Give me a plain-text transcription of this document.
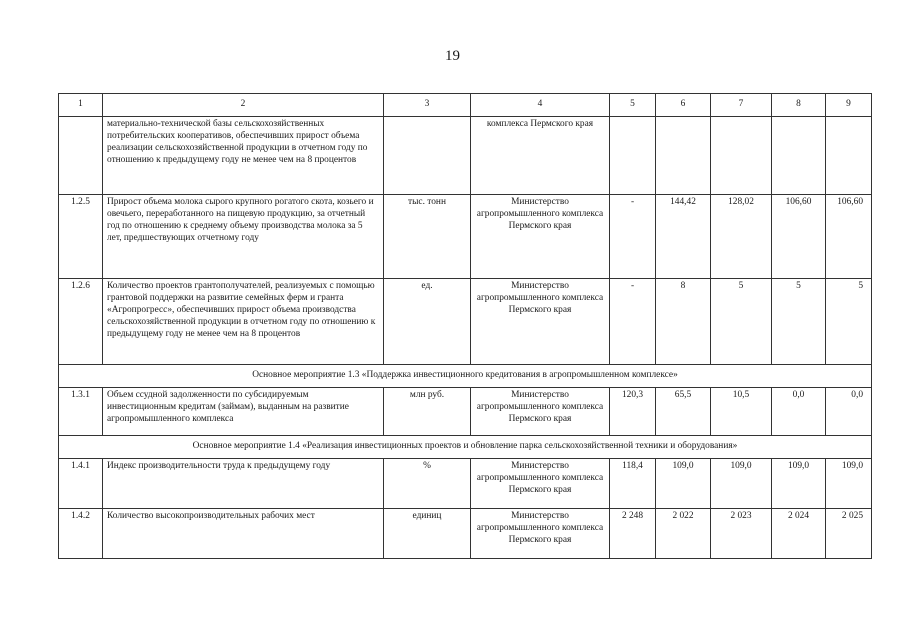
19
1	2	3	4	5	6	7	8	9
	материально-технической базы сельскохозяйственных потребительских кооперативов, обеспечивших прирост объема реализации сельскохозяйственной продукции в отчетном году по отношению к предыдущему году не менее чем на 8 процентов		комплекса Пермского края					
1.2.5	Прирост объема молока сырого крупного рогатого скота, козьего и овечьего, переработанного на пищевую продукцию, за отчетный год по отношению к среднему объему производства молока за 5 лет, предшествующих отчетному году	тыс. тонн	Министерство агропромышленного комплекса Пермского края	-	144,42	128,02	106,60	106,60
1.2.6	Количество проектов грантополучателей, реализуемых с помощью грантовой поддержки на развитие семейных ферм и гранта «Агропрогресс», обеспечивших прирост объема производства сельскохозяйственной продукции в отчетном году по отношению к предыдущему году не менее чем на 8 процентов	ед.	Министерство агропромышленного комплекса Пермского края	-	8	5	5	5
Основное мероприятие 1.3 «Поддержка инвестиционного кредитования в агропромышленном комплексе»								
1.3.1	Объем ссудной задолженности по субсидируемым инвестиционным кредитам (займам), выданным на развитие агропромышленного комплекса	млн руб.	Министерство агропромышленного комплекса Пермского края	120,3	65,5	10,5	0,0	0,0
Основное мероприятие 1.4 «Реализация инвестиционных проектов и обновление парка сельскохозяйственной техники и оборудования»								
1.4.1	Индекс производительности труда к предыдущему году	%	Министерство агропромышленного комплекса Пермского края	118,4	109,0	109,0	109,0	109,0
1.4.2	Количество высокопроизводительных рабочих мест	единиц	Министерство агропромышленного комплекса Пермского края	2 248	2 022	2 023	2 024	2 025
